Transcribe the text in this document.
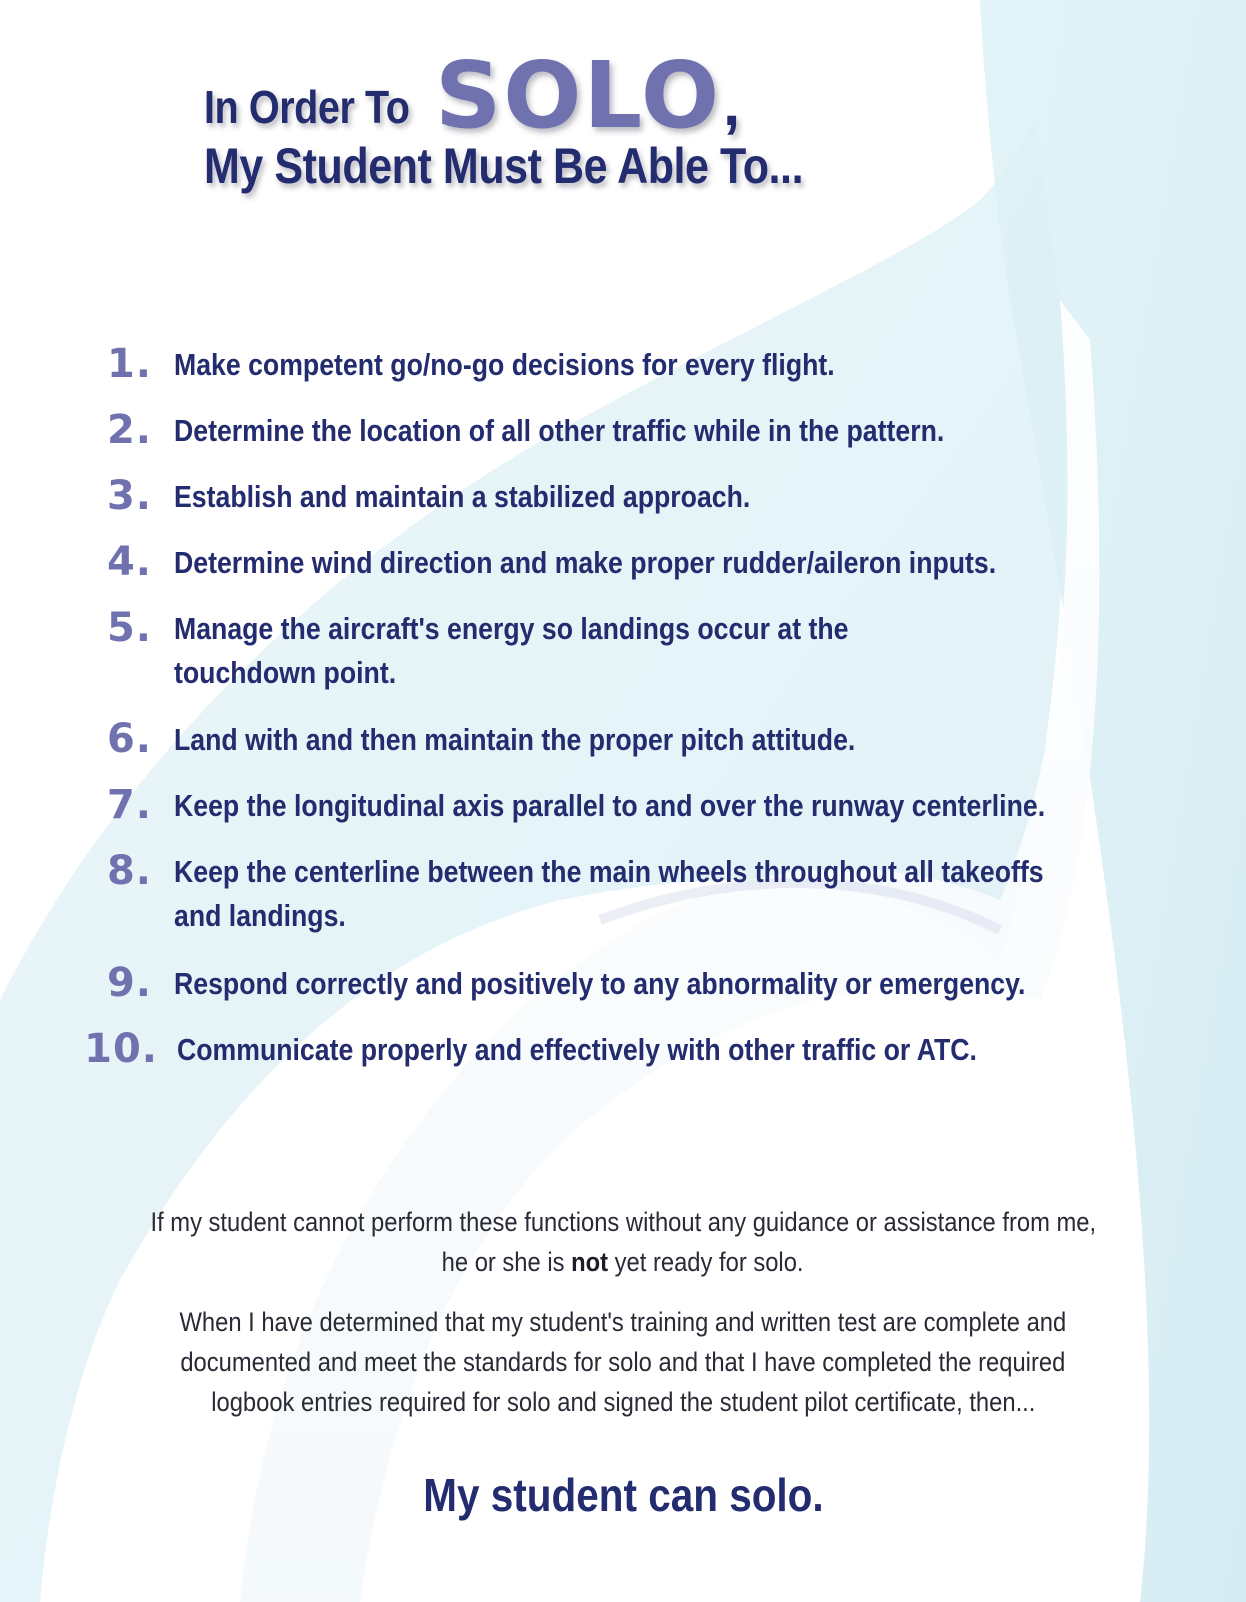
In Order To SOLO ,
My Student Must Be Able To...
1. Make competent go/no-go decisions for every flight.
2. Determine the location of all other traffic while in the pattern.
3. Establish and maintain a stabilized approach.
4. Determine wind direction and make proper rudder/aileron inputs.
5. Manage the aircraft's energy so landings occur at the
touchdown point.
6. Land with and then maintain the proper pitch attitude.
7. Keep the longitudinal axis parallel to and over the runway centerline.
8. Keep the centerline between the main wheels throughout all takeoffs
and landings.
9. Respond correctly and positively to any abnormality or emergency.
10. Communicate properly and effectively with other traffic or ATC.
If my student cannot perform these functions without any guidance or assistance from me,
he or she is not yet ready for solo.
When I have determined that my student's training and written test are complete and
documented and meet the standards for solo and that I have completed the required
logbook entries required for solo and signed the student pilot certificate, then...
My student can solo.
